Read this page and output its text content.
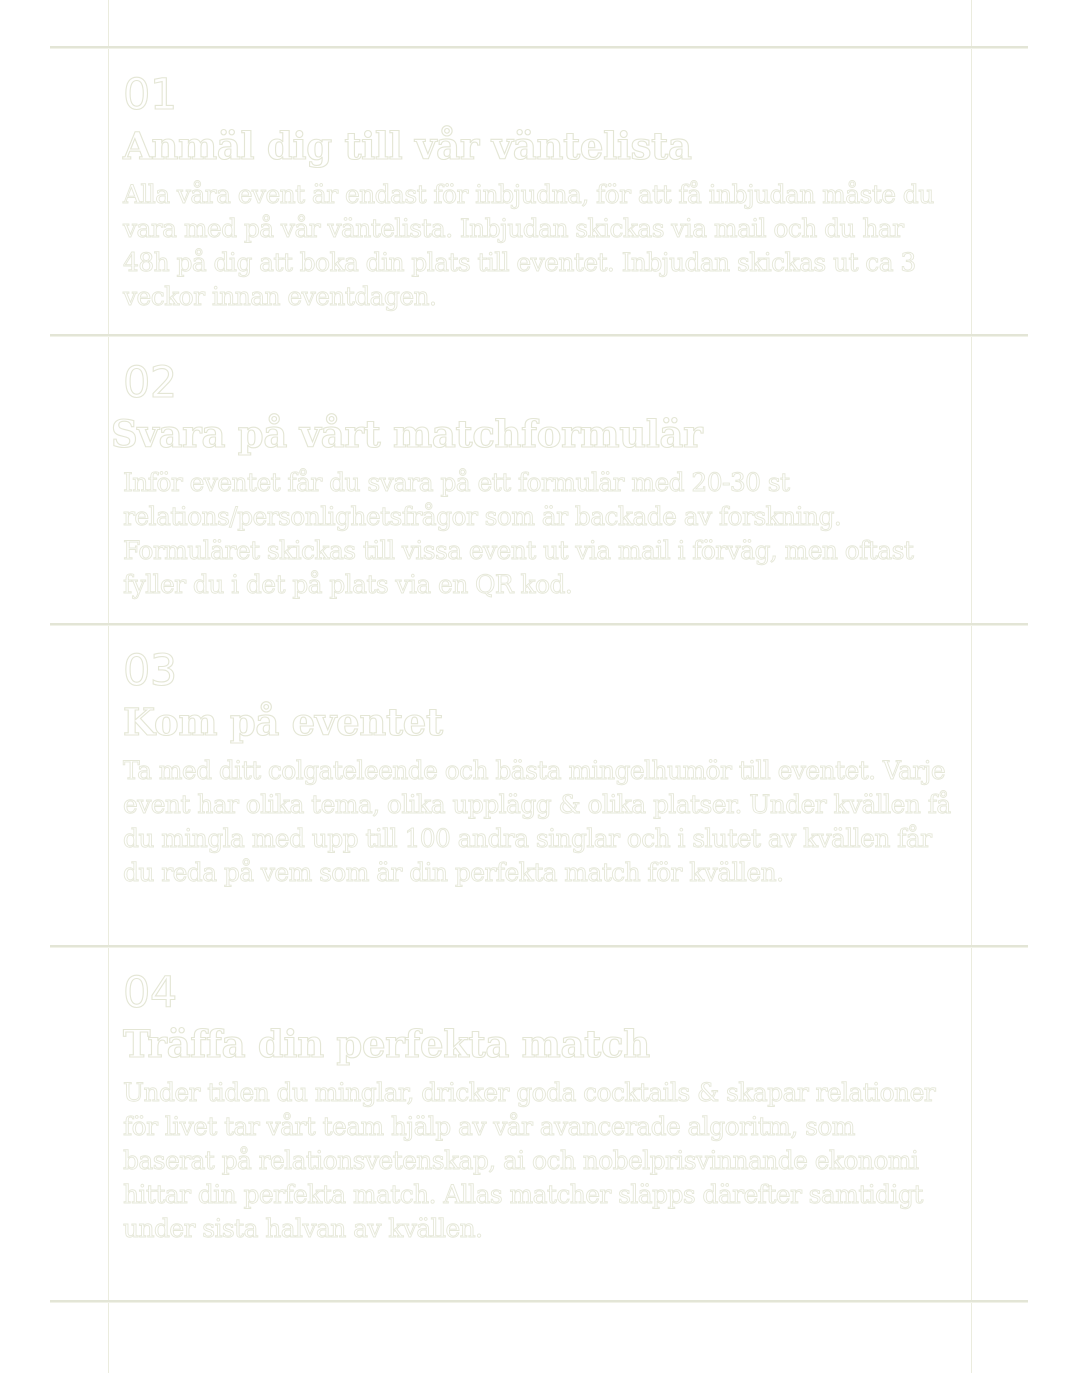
01

Anmäl dig till vår väntelista

Alla våra event är endast för inbjudna, för att få inbjudan måste du vara med på vår väntelista. Inbjudan skickas via mail och du har 48h på dig att boka din plats till eventet. Inbjudan skickas ut ca 3 veckor innan eventdagen.

02

Svara på vårt matchformulär

Inför eventet får du svara på ett formulär med 20-30 st relations/personlighetsfrågor som är backade av forskning. Formuläret skickas till vissa event ut via mail i förväg, men oftast fyller du i det på plats via en QR kod.

03

Kom på eventet

Ta med ditt colgateleende och bästa mingelhumör till eventet. Varje event har olika tema, olika upplägg & olika platser. Under kvällen få du mingla med upp till 100 andra singlar och i slutet av kvällen får du reda på vem som är din perfekta match för kvällen.

04

Träffa din perfekta match

Under tiden du minglar, dricker goda cocktails & skapar relationer för livet tar vårt team hjälp av vår avancerade algoritm, som baserat på relationsvetenskap, ai och nobelprisvinnande ekonomi hittar din perfekta match. Allas matcher släpps därefter samtidigt under sista halvan av kvällen.
